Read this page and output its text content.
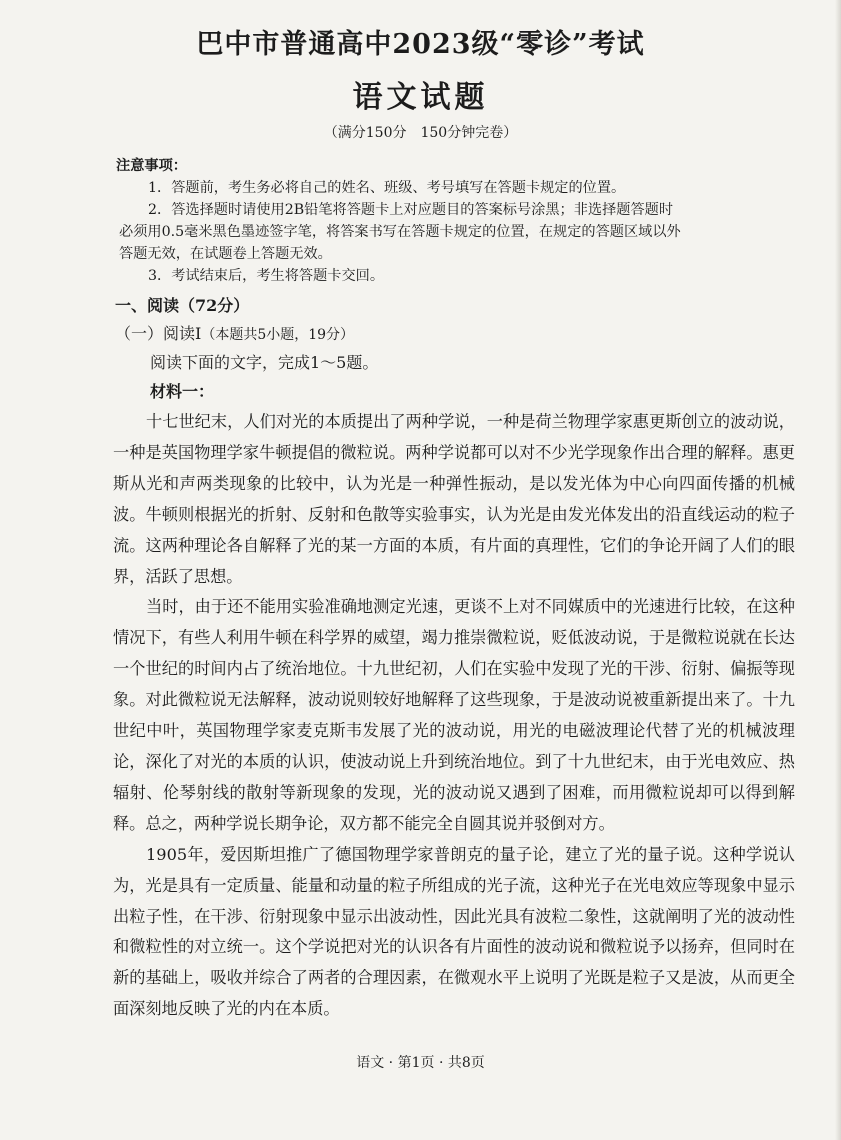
巴中市普通高中2023级“零诊”考试
语文试题
（满分150分　150分钟完卷）
注意事项：

1．答题前，考生务必将自己的姓名、班级、考号填写在答题卡规定的位置。

2．答选择题时请使用2B铅笔将答题卡上对应题目的答案标号涂黑；非选择题答题时

必须用0.5毫米黑色墨迹签字笔，将答案书写在答题卡规定的位置，在规定的答题区域以外

答题无效，在试题卷上答题无效。

3．考试结束后，考生将答题卡交回。

一、阅读（72分）
（一）阅读Ⅰ（本题共5小题，19分）
阅读下面的文字，完成1～5题。
材料一：

十七世纪末，人们对光的本质提出了两种学说，一种是荷兰物理学家惠更斯创立的波动说，一种是英国物理学家牛顿提倡的微粒说。两种学说都可以对不少光学现象作出合理的解释。惠更斯从光和声两类现象的比较中，认为光是一种弹性振动，是以发光体为中心向四面传播的机械波。牛顿则根据光的折射、反射和色散等实验事实，认为光是由发光体发出的沿直线运动的粒子流。这两种理论各自解释了光的某一方面的本质，有片面的真理性，它们的争论开阔了人们的眼界，活跃了思想。

当时，由于还不能用实验准确地测定光速，更谈不上对不同媒质中的光速进行比较，在这种情况下，有些人利用牛顿在科学界的威望，竭力推崇微粒说，贬低波动说，于是微粒说就在长达一个世纪的时间内占了统治地位。十九世纪初，人们在实验中发现了光的干涉、衍射、偏振等现象。对此微粒说无法解释，波动说则较好地解释了这些现象，于是波动说被重新提出来了。十九世纪中叶，英国物理学家麦克斯韦发展了光的波动说，用光的电磁波理论代替了光的机械波理论，深化了对光的本质的认识，使波动说上升到统治地位。到了十九世纪末，由于光电效应、热辐射、伦琴射线的散射等新现象的发现，光的波动说又遇到了困难，而用微粒说却可以得到解释。总之，两种学说长期争论，双方都不能完全自圆其说并驳倒对方。

1905年，爱因斯坦推广了德国物理学家普朗克的量子论，建立了光的量子说。这种学说认为，光是具有一定质量、能量和动量的粒子所组成的光子流，这种光子在光电效应等现象中显示出粒子性，在干涉、衍射现象中显示出波动性，因此光具有波粒二象性，这就阐明了光的波动性和微粒性的对立统一。这个学说把对光的认识各有片面性的波动说和微粒说予以扬弃，但同时在新的基础上，吸收并综合了两者的合理因素，在微观水平上说明了光既是粒子又是波，从而更全面深刻地反映了光的内在本质。

语文 · 第1页 · 共8页
